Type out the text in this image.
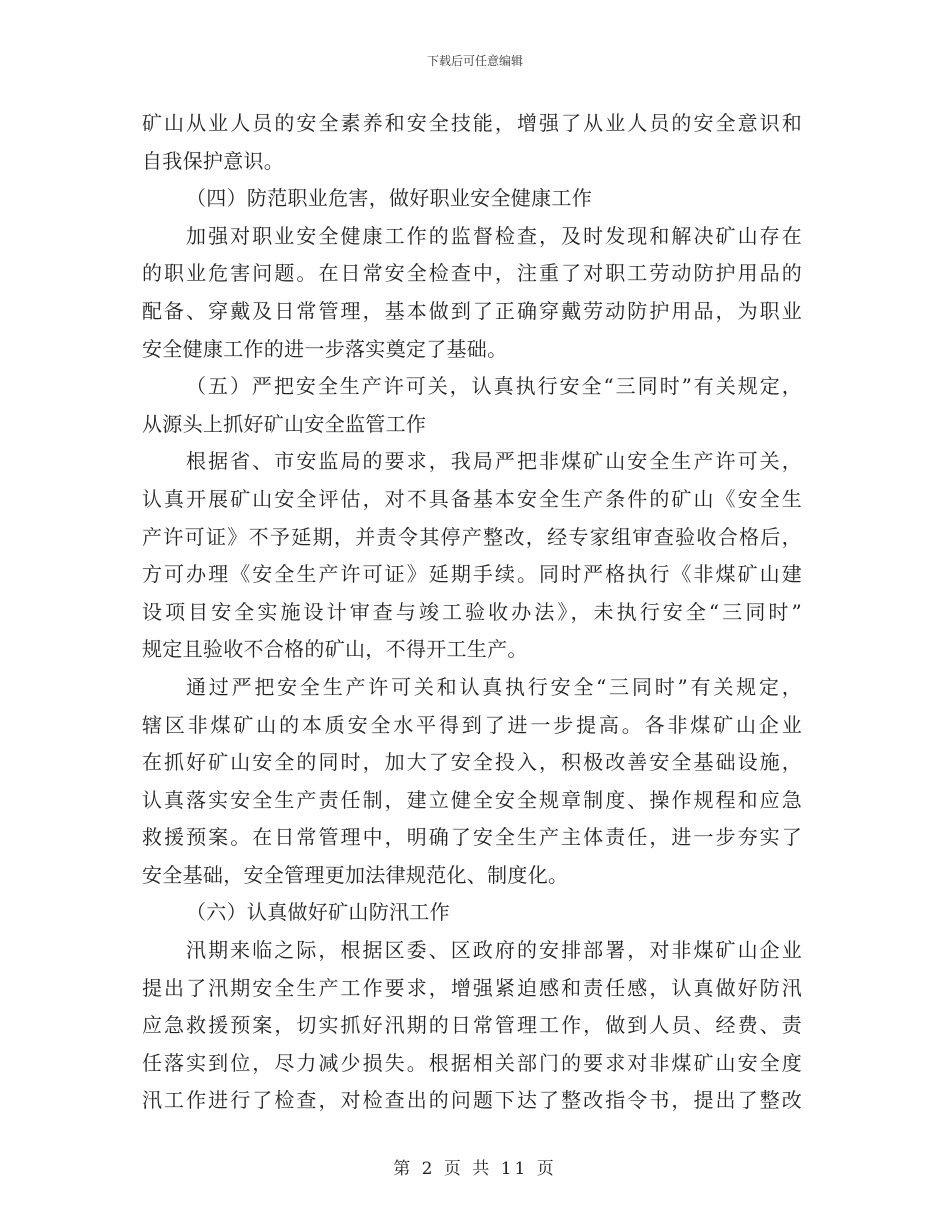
下载后可任意编辑
矿山从业人员的安全素养和安全技能，增强了从业人员的安全意识和
自我保护意识。
（四）防范职业危害，做好职业安全健康工作
加强对职业安全健康工作的监督检查，及时发现和解决矿山存在
的职业危害问题。在日常安全检查中，注重了对职工劳动防护用品的
配备、穿戴及日常管理，基本做到了正确穿戴劳动防护用品，为职业
安全健康工作的进一步落实奠定了基础。
（五）严把安全生产许可关，认真执行安全“三同时”有关规定，
从源头上抓好矿山安全监管工作
根据省、市安监局的要求，我局严把非煤矿山安全生产许可关，
认真开展矿山安全评估，对不具备基本安全生产条件的矿山《安全生
产许可证》不予延期，并责令其停产整改，经专家组审查验收合格后，
方可办理《安全生产许可证》延期手续。同时严格执行《非煤矿山建
设项目安全实施设计审查与竣工验收办法》，未执行安全“三同时”
规定且验收不合格的矿山，不得开工生产。
通过严把安全生产许可关和认真执行安全“三同时”有关规定，
辖区非煤矿山的本质安全水平得到了进一步提高。各非煤矿山企业
在抓好矿山安全的同时，加大了安全投入，积极改善安全基础设施，
认真落实安全生产责任制，建立健全安全规章制度、操作规程和应急
救援预案。在日常管理中，明确了安全生产主体责任，进一步夯实了
安全基础，安全管理更加法律规范化、制度化。
（六）认真做好矿山防汛工作
汛期来临之际，根据区委、区政府的安排部署，对非煤矿山企业
提出了汛期安全生产工作要求，增强紧迫感和责任感，认真做好防汛
应急救援预案，切实抓好汛期的日常管理工作，做到人员、经费、责
任落实到位，尽力减少损失。根据相关部门的要求对非煤矿山安全度
汛工作进行了检查，对检查出的问题下达了整改指令书，提出了整改
第 2 页 共 11 页
